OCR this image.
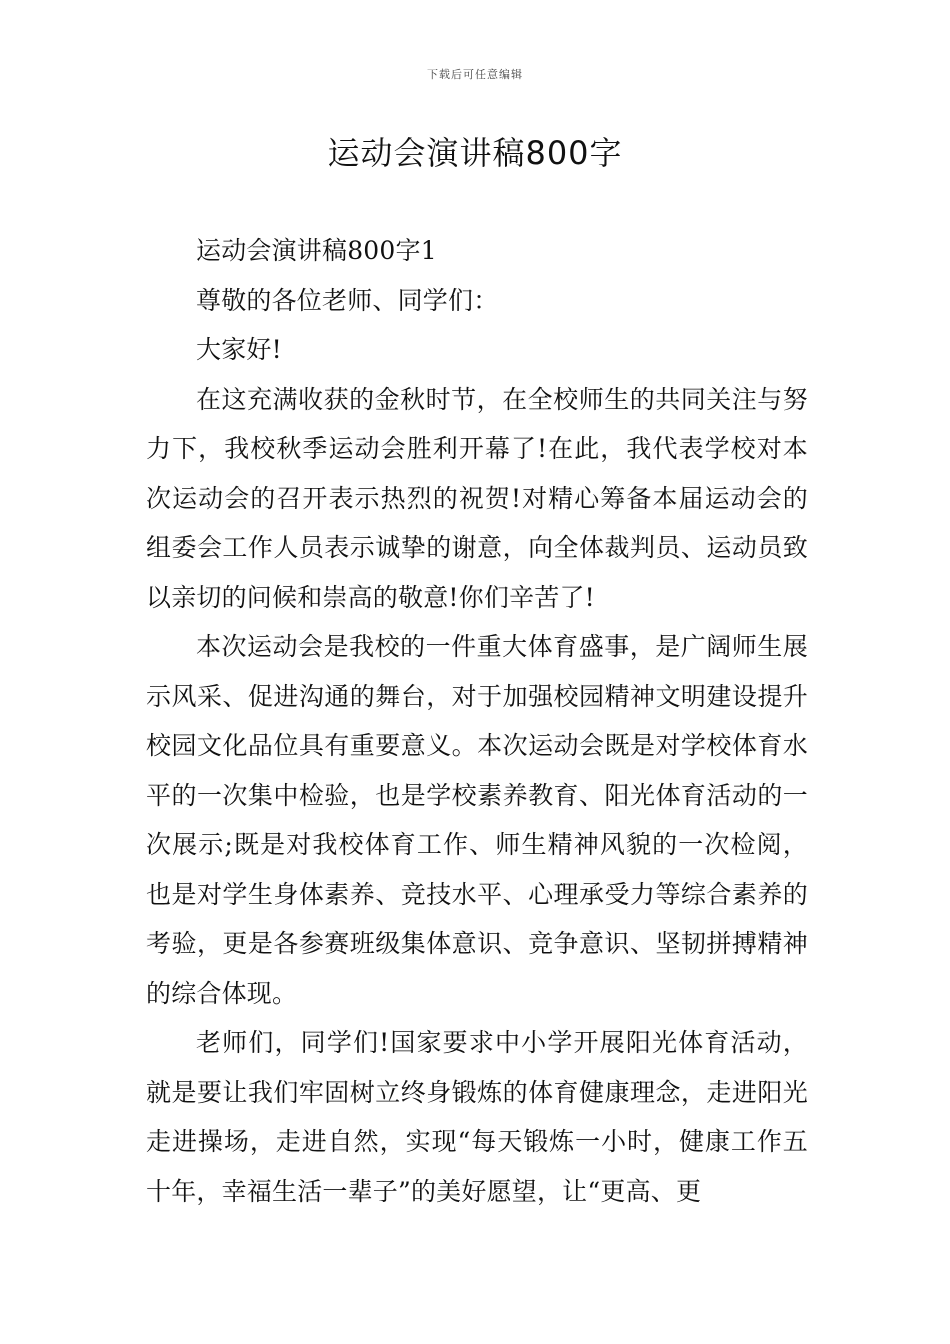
下载后可任意编辑
运动会演讲稿800字

运动会演讲稿800字1

尊敬的各位老师、同学们：

大家好!

在这充满收获的金秋时节，在全校师生的共同关注与努力下，我校秋季运动会胜利开幕了!在此，我代表学校对本次运动会的召开表示热烈的祝贺!对精心筹备本届运动会的组委会工作人员表示诚挚的谢意，向全体裁判员、运动员致以亲切的问候和崇高的敬意!你们辛苦了!

本次运动会是我校的一件重大体育盛事，是广阔师生展示风采、促进沟通的舞台，对于加强校园精神文明建设提升校园文化品位具有重要意义。本次运动会既是对学校体育水平的一次集中检验，也是学校素养教育、阳光体育活动的一次展示;既是对我校体育工作、师生精神风貌的一次检阅，也是对学生身体素养、竞技水平、心理承受力等综合素养的考验，更是各参赛班级集体意识、竞争意识、坚韧拼搏精神的综合体现。

老师们，同学们!国家要求中小学开展阳光体育活动，就是要让我们牢固树立终身锻炼的体育健康理念，走进阳光走进操场，走进自然，实现“每天锻炼一小时，健康工作五十年，幸福生活一辈子”的美好愿望，让“更高、更
